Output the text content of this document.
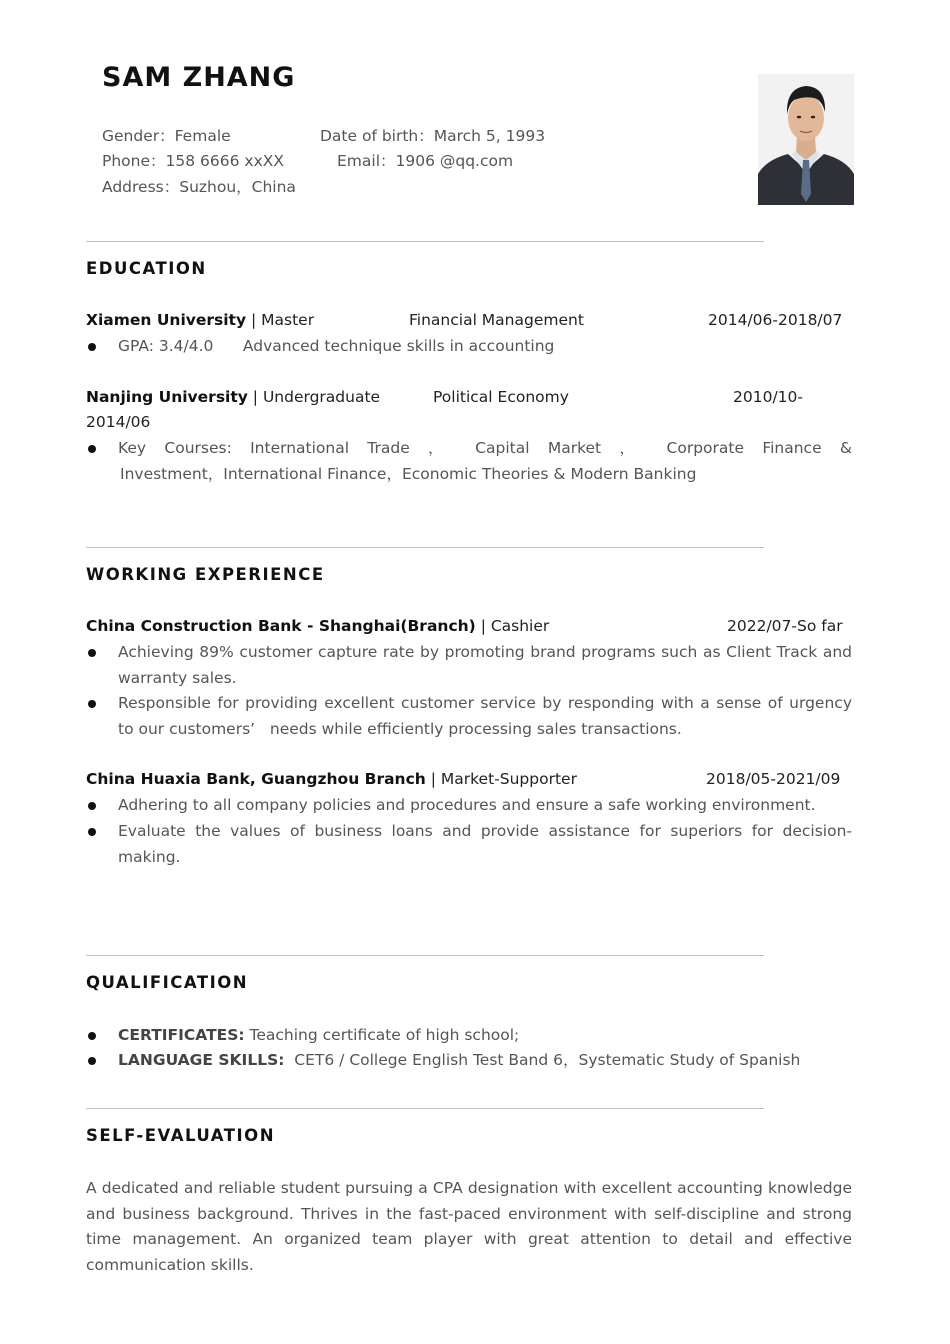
SAM ZHANG
Gender：Female	Date of birth：March 5, 1993
Phone：158 6666 xxXX	Email：1906 @qq.com
Address：Suzhou，China
EDUCATION
Xiamen University | Master	Financial Management	2014/06-2018/07
GPA: 3.4/4.0      Advanced technique skills in accounting
Nanjing University | Undergraduate	Political Economy	2010/10-
2014/06
Key Courses: International Trade ， Capital Market ， Corporate Finance &
Investment，International Finance，Economic Theories & Modern Banking
WORKING EXPERIENCE
China Construction Bank - Shanghai(Branch) | Cashier	2022/07-So far
Achieving 89% customer capture rate by promoting brand programs such as Client Track and warranty sales.
Responsible for providing excellent customer service by responding with a sense of urgency to our customers’   needs while efficiently processing sales transactions.
China Huaxia Bank, Guangzhou Branch | Market-Supporter	2018/05-2021/09
Adhering to all company policies and procedures and ensure a safe working environment.
Evaluate the values of business loans and provide assistance for superiors for decision-making.
QUALIFICATION
CERTIFICATES: Teaching certificate of high school;
LANGUAGE SKILLS:  CET6 / College English Test Band 6，Systematic Study of Spanish
SELF-EVALUATION
A dedicated and reliable student pursuing a CPA designation with excellent accounting knowledge and business background. Thrives in the fast-paced environment with self-discipline and strong time management. An organized team player with great attention to detail and effective communication skills.
